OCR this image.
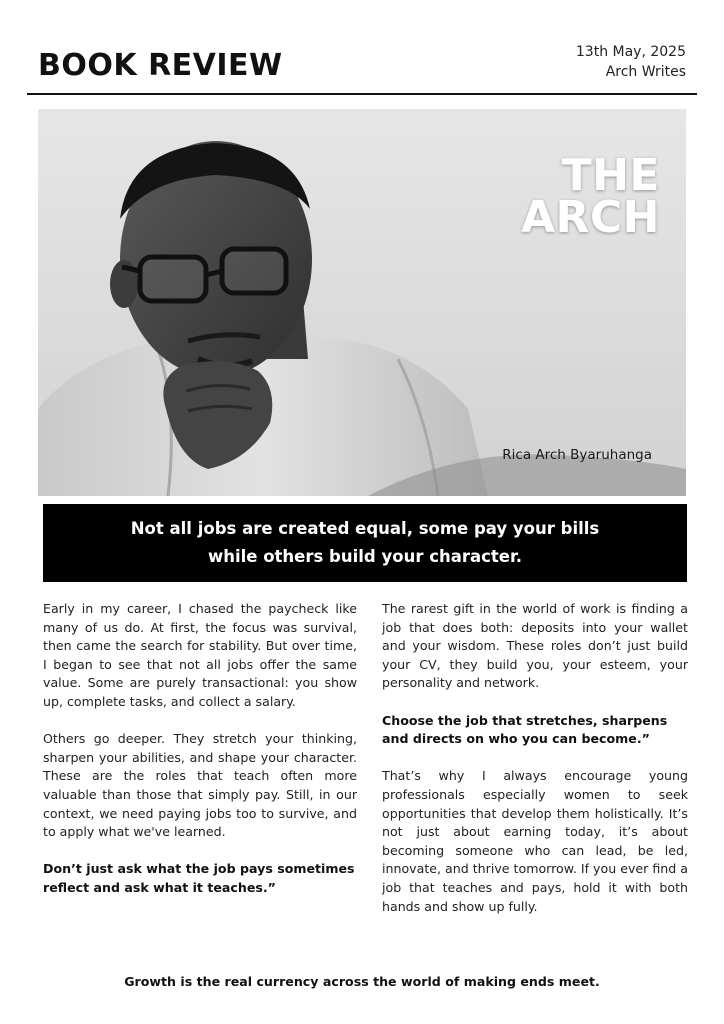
BOOK REVIEW	13th May, 2025
Arch Writes
THE
ARCH
Rica Arch Byaruhanga
Not all jobs are created equal, some pay your bills while others build your character.

Early in my career, I chased the paycheck like many of us do. At first, the focus was survival, then came the search for stability. But over time, I began to see that not all jobs offer the same value. Some are purely transactional: you show up, complete tasks, and collect a salary.

Others go deeper. They stretch your thinking, sharpen your abilities, and shape your character. These are the roles that teach often more valuable than those that simply pay. Still, in our context, we need paying jobs too to survive, and to apply what we've learned.

Don’t just ask what the job pays sometimes reflect and ask what it teaches.”

The rarest gift in the world of work is finding a job that does both: deposits into your wallet and your wisdom. These roles don’t just build your CV, they build you, your esteem, your personality and network.

Choose the job that stretches, sharpens and directs on who you can become.”

That’s why I always encourage young professionals especially women to seek opportunities that develop them holistically. It’s not just about earning today, it’s about becoming someone who can lead, be led, innovate, and thrive tomorrow. If you ever find a job that teaches and pays, hold it with both hands and show up fully.

Growth is the real currency across the world of making ends meet.
